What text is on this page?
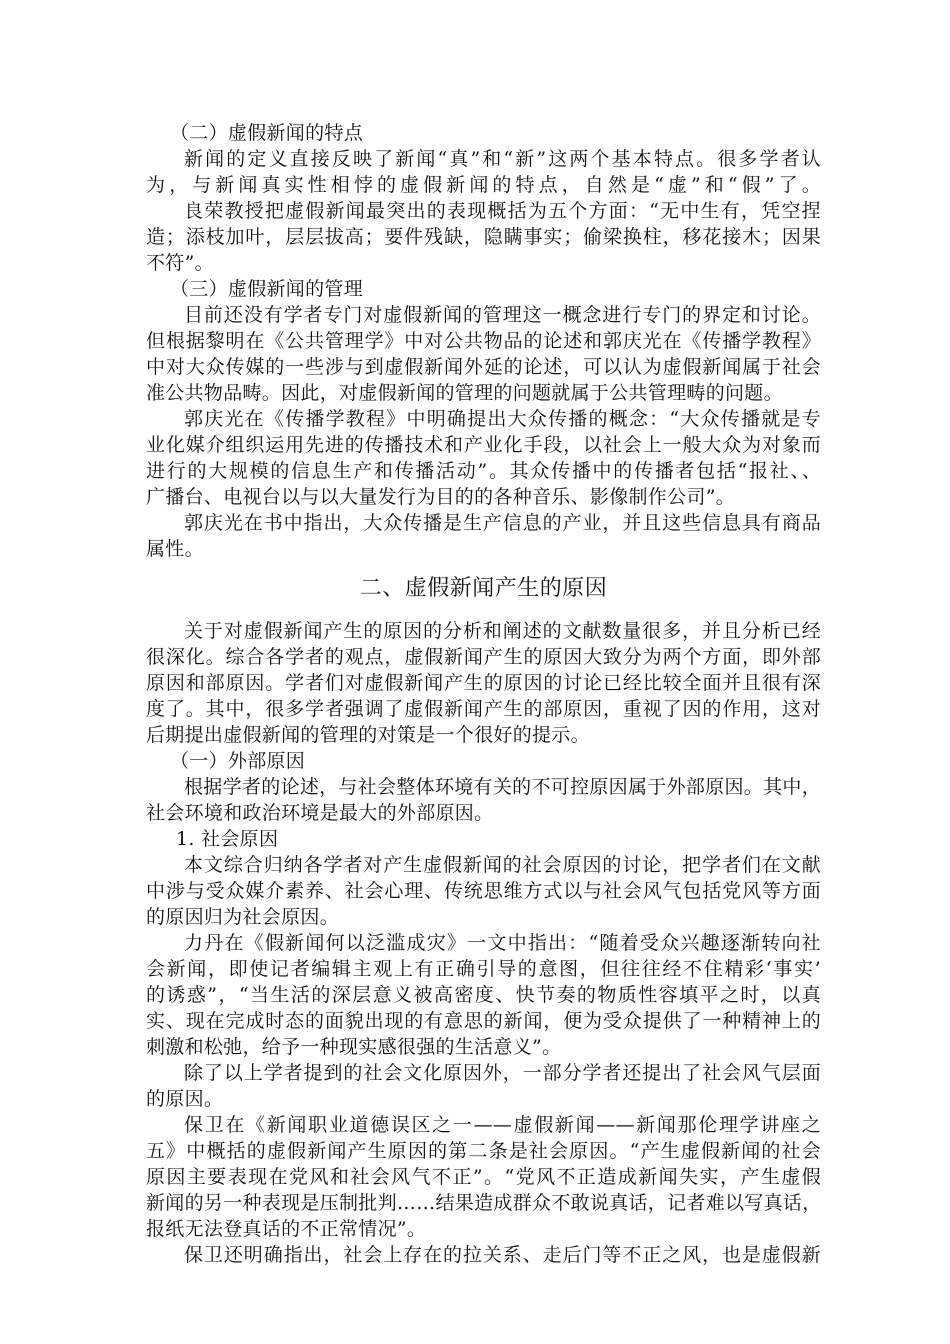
（二）虚假新闻的特点
新闻的定义直接反映了新闻“真”和“新”这两个基本特点。很多学者认
为，与新闻真实性相悖的虚假新闻的特点，自然是“虚”和“假”了。
良荣教授把虚假新闻最突出的表现概括为五个方面：“无中生有，凭空捏
造；添枝加叶，层层拔高；要件残缺，隐瞒事实；偷梁换柱，移花接木；因果
不符”。
（三）虚假新闻的管理
目前还没有学者专门对虚假新闻的管理这一概念进行专门的界定和讨论。
但根据黎明在《公共管理学》中对公共物品的论述和郭庆光在《传播学教程》
中对大众传媒的一些涉与到虚假新闻外延的论述，可以认为虚假新闻属于社会
准公共物品畴。因此，对虚假新闻的管理的问题就属于公共管理畴的问题。
郭庆光在《传播学教程》中明确提出大众传播的概念：“大众传播就是专
业化媒介组织运用先进的传播技术和产业化手段，以社会上一般大众为对象而
进行的大规模的信息生产和传播活动”。其众传播中的传播者包括“报社、、
广播台、电视台以与以大量发行为目的的各种音乐、影像制作公司”。
郭庆光在书中指出，大众传播是生产信息的产业，并且这些信息具有商品
属性。
二、虚假新闻产生的原因
关于对虚假新闻产生的原因的分析和阐述的文献数量很多，并且分析已经
很深化。综合各学者的观点，虚假新闻产生的原因大致分为两个方面，即外部
原因和部原因。学者们对虚假新闻产生的原因的讨论已经比较全面并且很有深
度了。其中，很多学者强调了虚假新闻产生的部原因，重视了因的作用，这对
后期提出虚假新闻的管理的对策是一个很好的提示。
（一）外部原因
根据学者的论述，与社会整体环境有关的不可控原因属于外部原因。其中，
社会环境和政治环境是最大的外部原因。
1. 社会原因
本文综合归纳各学者对产生虚假新闻的社会原因的讨论，把学者们在文献
中涉与受众媒介素养、社会心理、传统思维方式以与社会风气包括党风等方面
的原因归为社会原因。
力丹在《假新闻何以泛滥成灾》一文中指出：“随着受众兴趣逐渐转向社
会新闻，即使记者编辑主观上有正确引导的意图，但往往经不住精彩‘事实’
的诱惑”，“当生活的深层意义被高密度、快节奏的物质性容填平之时，以真
实、现在完成时态的面貌出现的有意思的新闻，便为受众提供了一种精神上的
刺激和松弛，给予一种现实感很强的生活意义”。
除了以上学者提到的社会文化原因外，一部分学者还提出了社会风气层面
的原因。
保卫在《新闻职业道德误区之一——虚假新闻——新闻那伦理学讲座之
五》中概括的虚假新闻产生原因的第二条是社会原因。“产生虚假新闻的社会
原因主要表现在党风和社会风气不正”。“党风不正造成新闻失实，产生虚假
新闻的另一种表现是压制批判……结果造成群众不敢说真话，记者难以写真话，
报纸无法登真话的不正常情况”。
保卫还明确指出，社会上存在的拉关系、走后门等不正之风，也是虚假新
